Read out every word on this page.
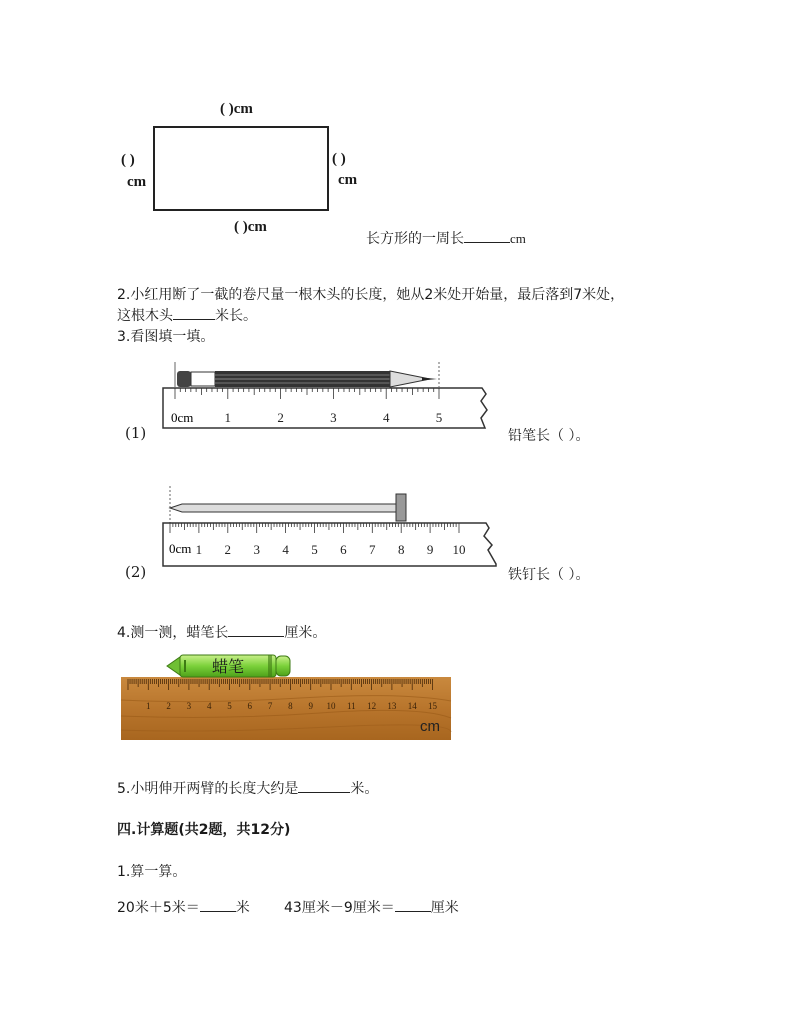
( )cm
( )
cm
( )
cm
( )cm
长方形的一周长	cm
2.小红用断了一截的卷尺量一根木头的长度，她从2米处开始量，最后落到7米处，
这根木头	米长。
3.看图填一填。
(1)
0cm 1	2	3	4	5
铅笔长（ ）。
(2)
0cm 1 2 3 4 5 6 7 8 9 10
铁钉长（ ）。
4.测一测，蜡笔长	厘米。
1 2 3 4 5 6 7 8 9 10 11 12 13 14 15
cm
蜡笔
5.小明伸开两臂的长度大约是	米。
四.计算题(共2题，共12分)
1.算一算。
20米＋5米＝	米 43厘米－9厘米＝	厘米
